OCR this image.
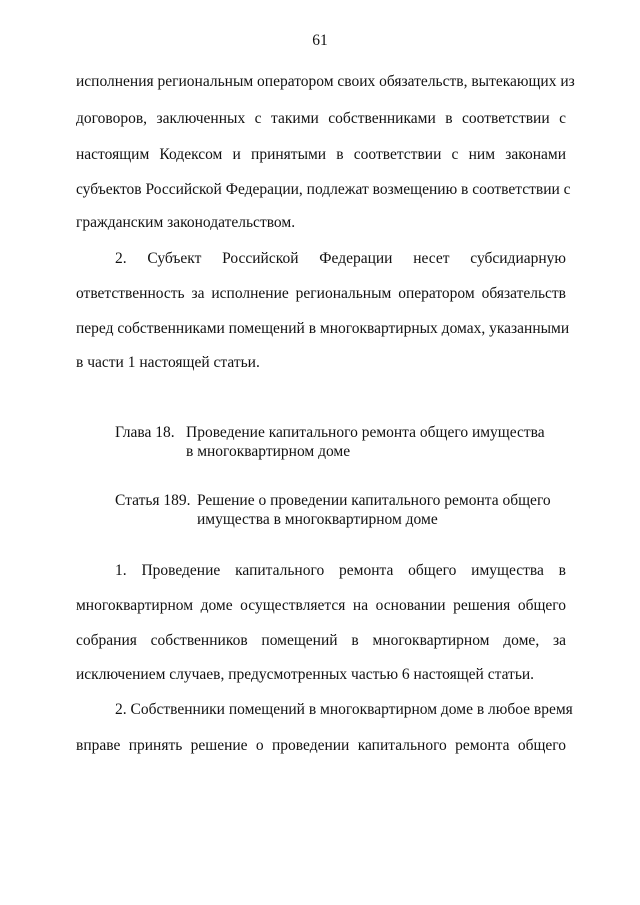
61
исполнения региональным оператором своих обязательств, вытекающих из
договоров, заключенных с такими собственниками в соответствии с
настоящим Кодексом и принятыми в соответствии с ним законами
субъектов Российской Федерации, подлежат возмещению в соответствии с
гражданским законодательством.
2. Субъект Российской Федерации несет субсидиарную
ответственность за исполнение региональным оператором обязательств
перед собственниками помещений в многоквартирных домах, указанными
в части 1 настоящей статьи.
Глава 18. Проведение капитального ремонта общего имущества
в многоквартирном доме
Статья 189. Решение о проведении капитального ремонта общего
имущества в многоквартирном доме
1. Проведение капитального ремонта общего имущества в
многоквартирном доме осуществляется на основании решения общего
собрания собственников помещений в многоквартирном доме, за
исключением случаев, предусмотренных частью 6 настоящей статьи.
2. Собственники помещений в многоквартирном доме в любое время
вправе принять решение о проведении капитального ремонта общего
